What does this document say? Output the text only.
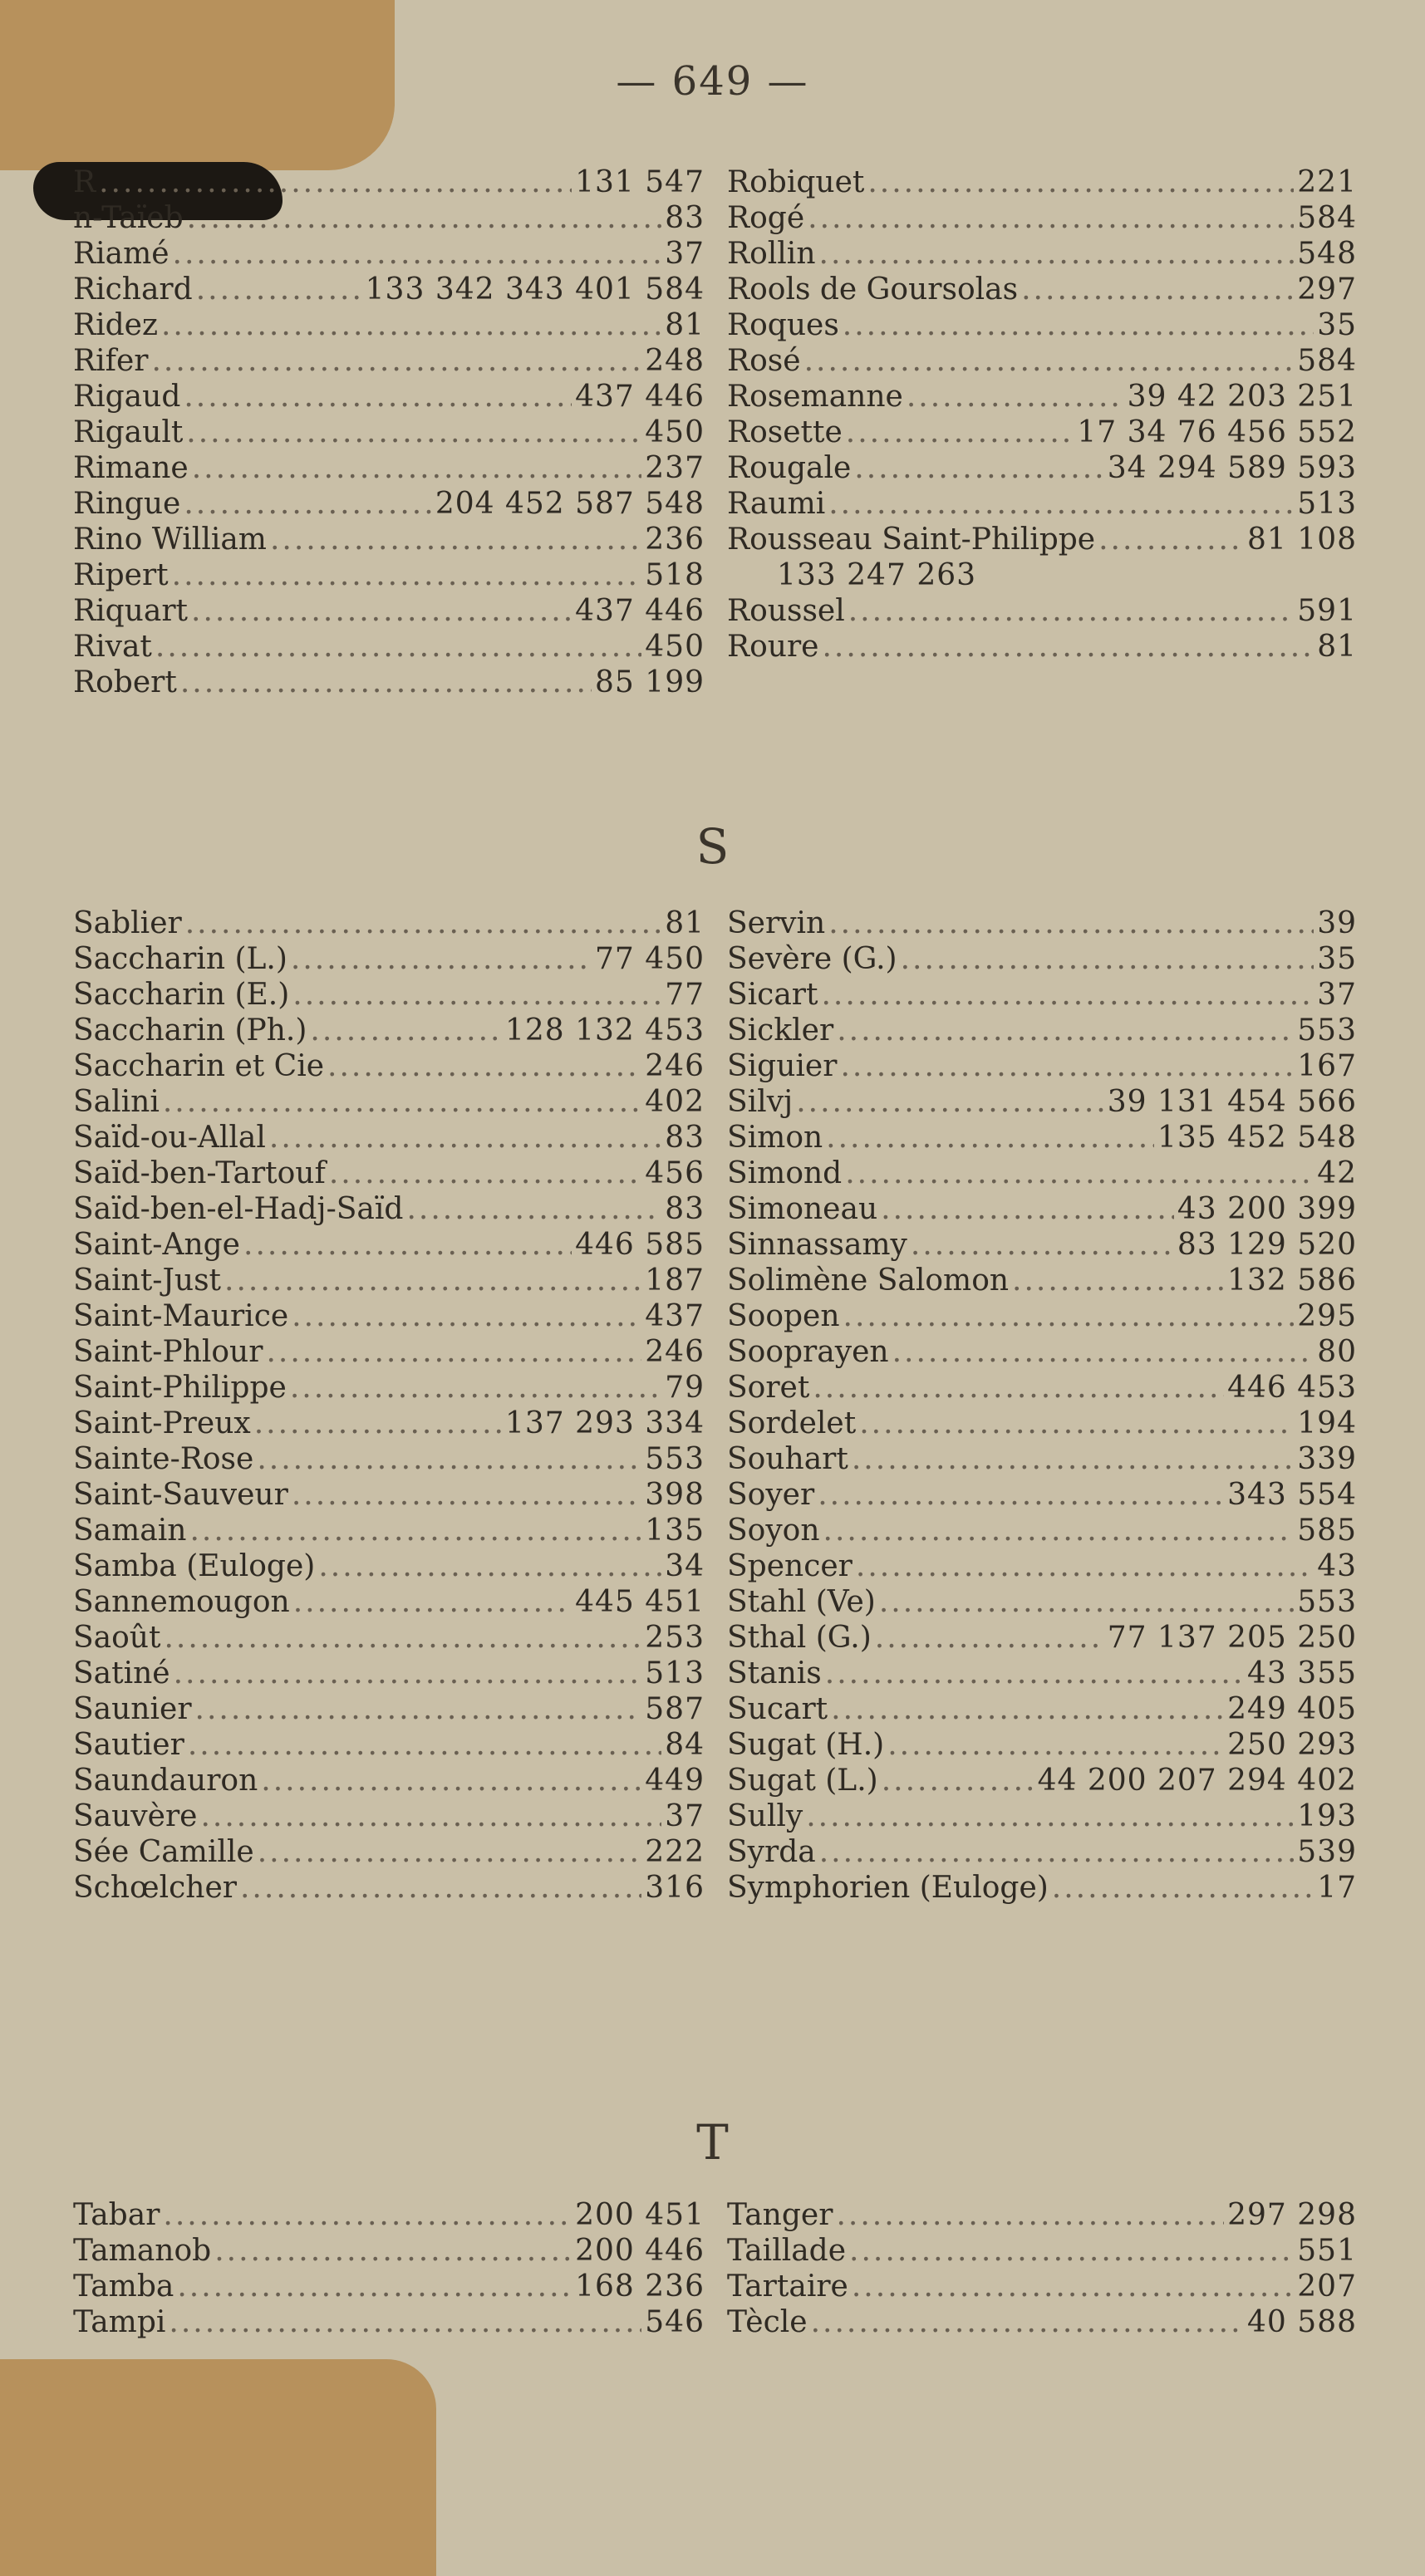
— 649 —
R .....	131 547
n-Taïeb .....	83
Riamé .....	37
Richard .....	133 342 343 401 584
Ridez .....	81
Rifer .....	248
Rigaud .....	437 446
Rigault .....	450
Rimane .....	237
Ringue .....	204 452 587 548
Rino William .....	236
Ripert .....	518
Riquart .....	437 446
Rivat .....	450
Robert .....	85 199
Robiquet .....	221
Rogé .....	584
Rollin .....	548
Rools de Goursolas .....	297
Roques .....	35
Rosé .....	584
Rosemanne .....	39 42 203 251
Rosette .....	17 34 76 456 552
Rougale .....	34 294 589 593
Raumi .....	513
Rousseau Saint-Philippe .....	81 108
133 247 263
Roussel .....	591
Roure .....	81
S
Sablier .....	81
Saccharin (L.) .....	77 450
Saccharin (E.) .....	77
Saccharin (Ph.) .....	128 132 453
Saccharin et Cie .....	246
Salini .....	402
Saïd-ou-Allal .....	83
Saïd-ben-Tartouf .....	456
Saïd-ben-el-Hadj-Saïd .....	83
Saint-Ange .....	446 585
Saint-Just .....	187
Saint-Maurice .....	437
Saint-Phlour .....	246
Saint-Philippe .....	79
Saint-Preux .....	137 293 334
Sainte-Rose .....	553
Saint-Sauveur .....	398
Samain .....	135
Samba (Euloge) .....	34
Sannemougon .....	445 451
Saoût .....	253
Satiné .....	513
Saunier .....	587
Sautier .....	84
Saundauron .....	449
Sauvère .....	37
Sée Camille .....	222
Schœlcher .....	316
Servin .....	39
Sevère (G.) .....	35
Sicart .....	37
Sickler .....	553
Siguier .....	167
Silvj .....	39 131 454 566
Simon .....	135 452 548
Simond .....	42
Simoneau .....	43 200 399
Sinnassamy .....	83 129 520
Solimène Salomon .....	132 586
Soopen .....	295
Sooprayen .....	80
Soret .....	446 453
Sordelet .....	194
Souhart .....	339
Soyer .....	343 554
Soyon .....	585
Spencer .....	43
Stahl (Ve) .....	553
Sthal (G.) .....	77 137 205 250
Stanis .....	43 355
Sucart .....	249 405
Sugat (H.) .....	250 293
Sugat (L.) .....	44 200 207 294 402
Sully .....	193
Syrda .....	539
Symphorien (Euloge) .....	17
T
Tabar .....	200 451
Tamanob .....	200 446
Tamba .....	168 236
Tampi .....	546
Tanger .....	297 298
Taillade .....	551
Tartaire .....	207
Tècle .....	40 588
